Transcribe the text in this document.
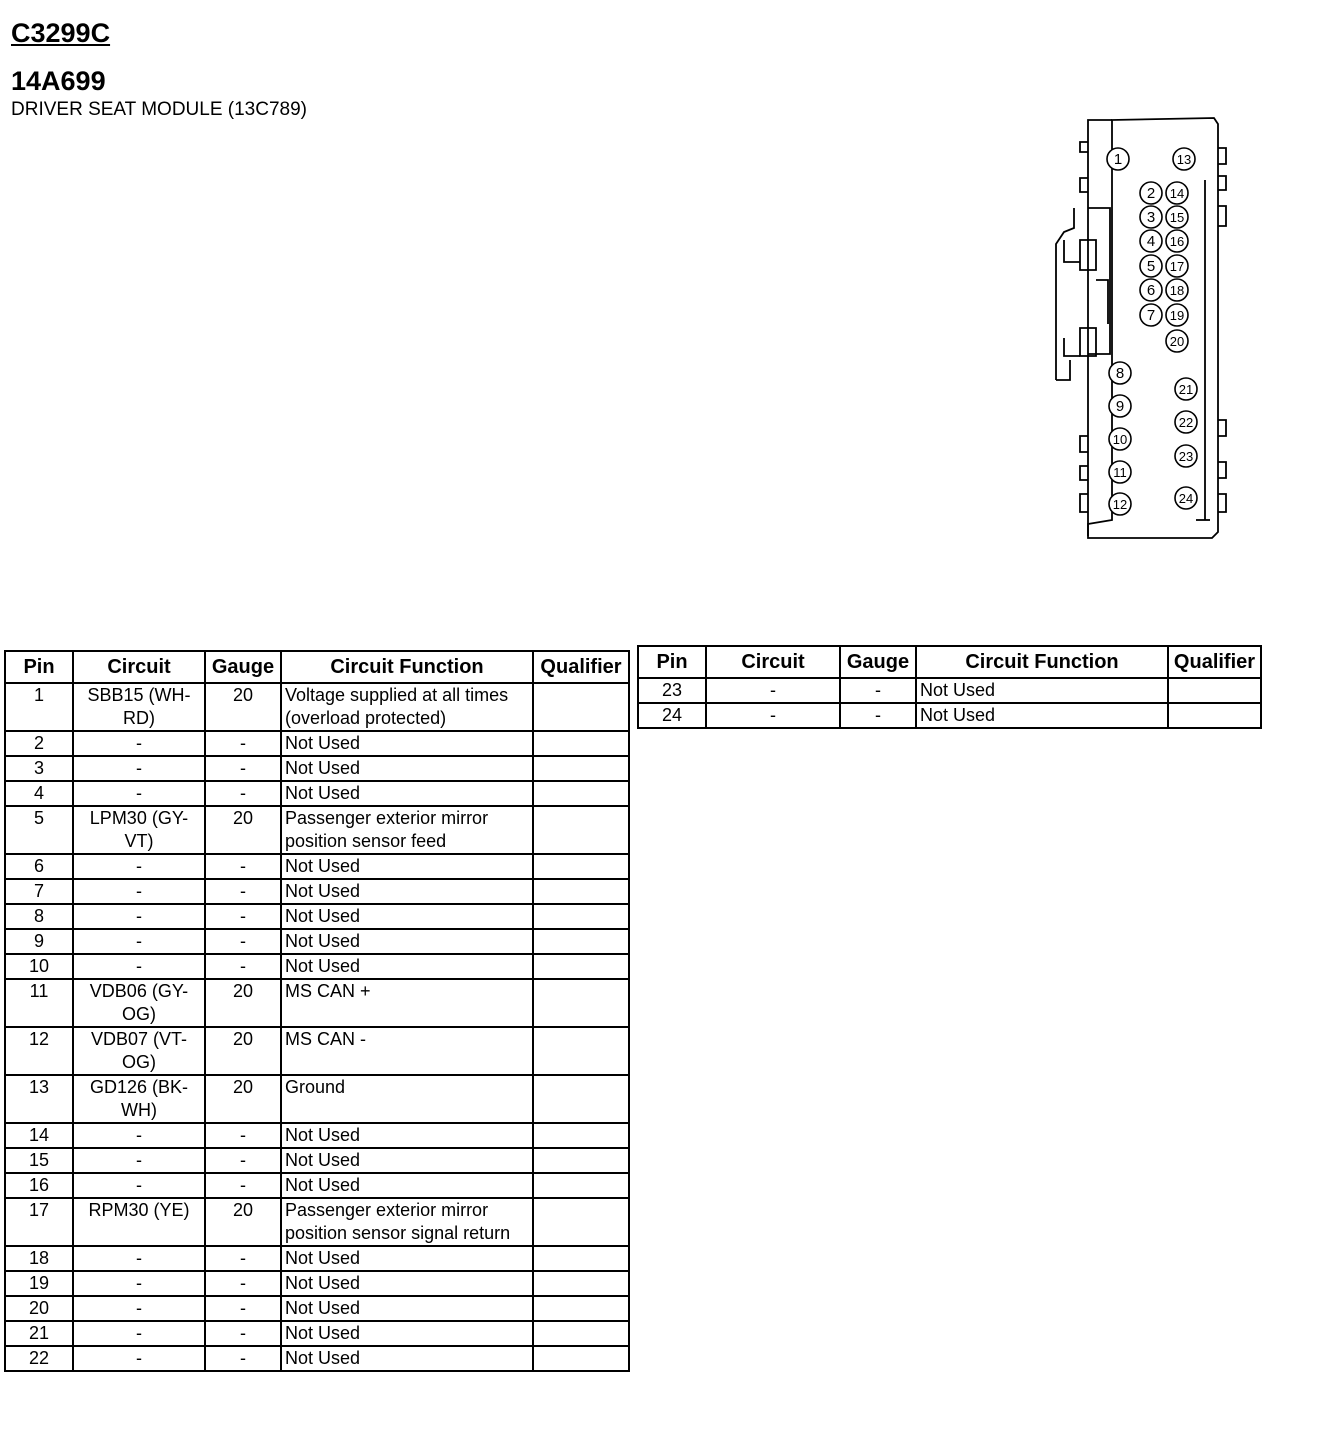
C3299C
14A699
DRIVER SEAT MODULE (13C789)
1
2
3
4
5
6
7
8
9
10
11
12
13
14
15
16
17
18
19
20
21
22
23
24
Pin	Circuit	Gauge	Circuit Function	Qualifier
1	SBB15 (WH-RD)	20	Voltage supplied at all times (overload protected)	
2	-	-	Not Used	
3	-	-	Not Used	
4	-	-	Not Used	
5	LPM30 (GY-VT)	20	Passenger exterior mirror position sensor feed	
6	-	-	Not Used	
7	-	-	Not Used	
8	-	-	Not Used	
9	-	-	Not Used	
10	-	-	Not Used	
11	VDB06 (GY-OG)	20	MS CAN +	
12	VDB07 (VT-OG)	20	MS CAN -	
13	GD126 (BK-WH)	20	Ground	
14	-	-	Not Used	
15	-	-	Not Used	
16	-	-	Not Used	
17	RPM30 (YE)	20	Passenger exterior mirror position sensor signal return	
18	-	-	Not Used	
19	-	-	Not Used	
20	-	-	Not Used	
21	-	-	Not Used	
22	-	-	Not Used	
Pin	Circuit	Gauge	Circuit Function	Qualifier
23	-	-	Not Used	
24	-	-	Not Used	
